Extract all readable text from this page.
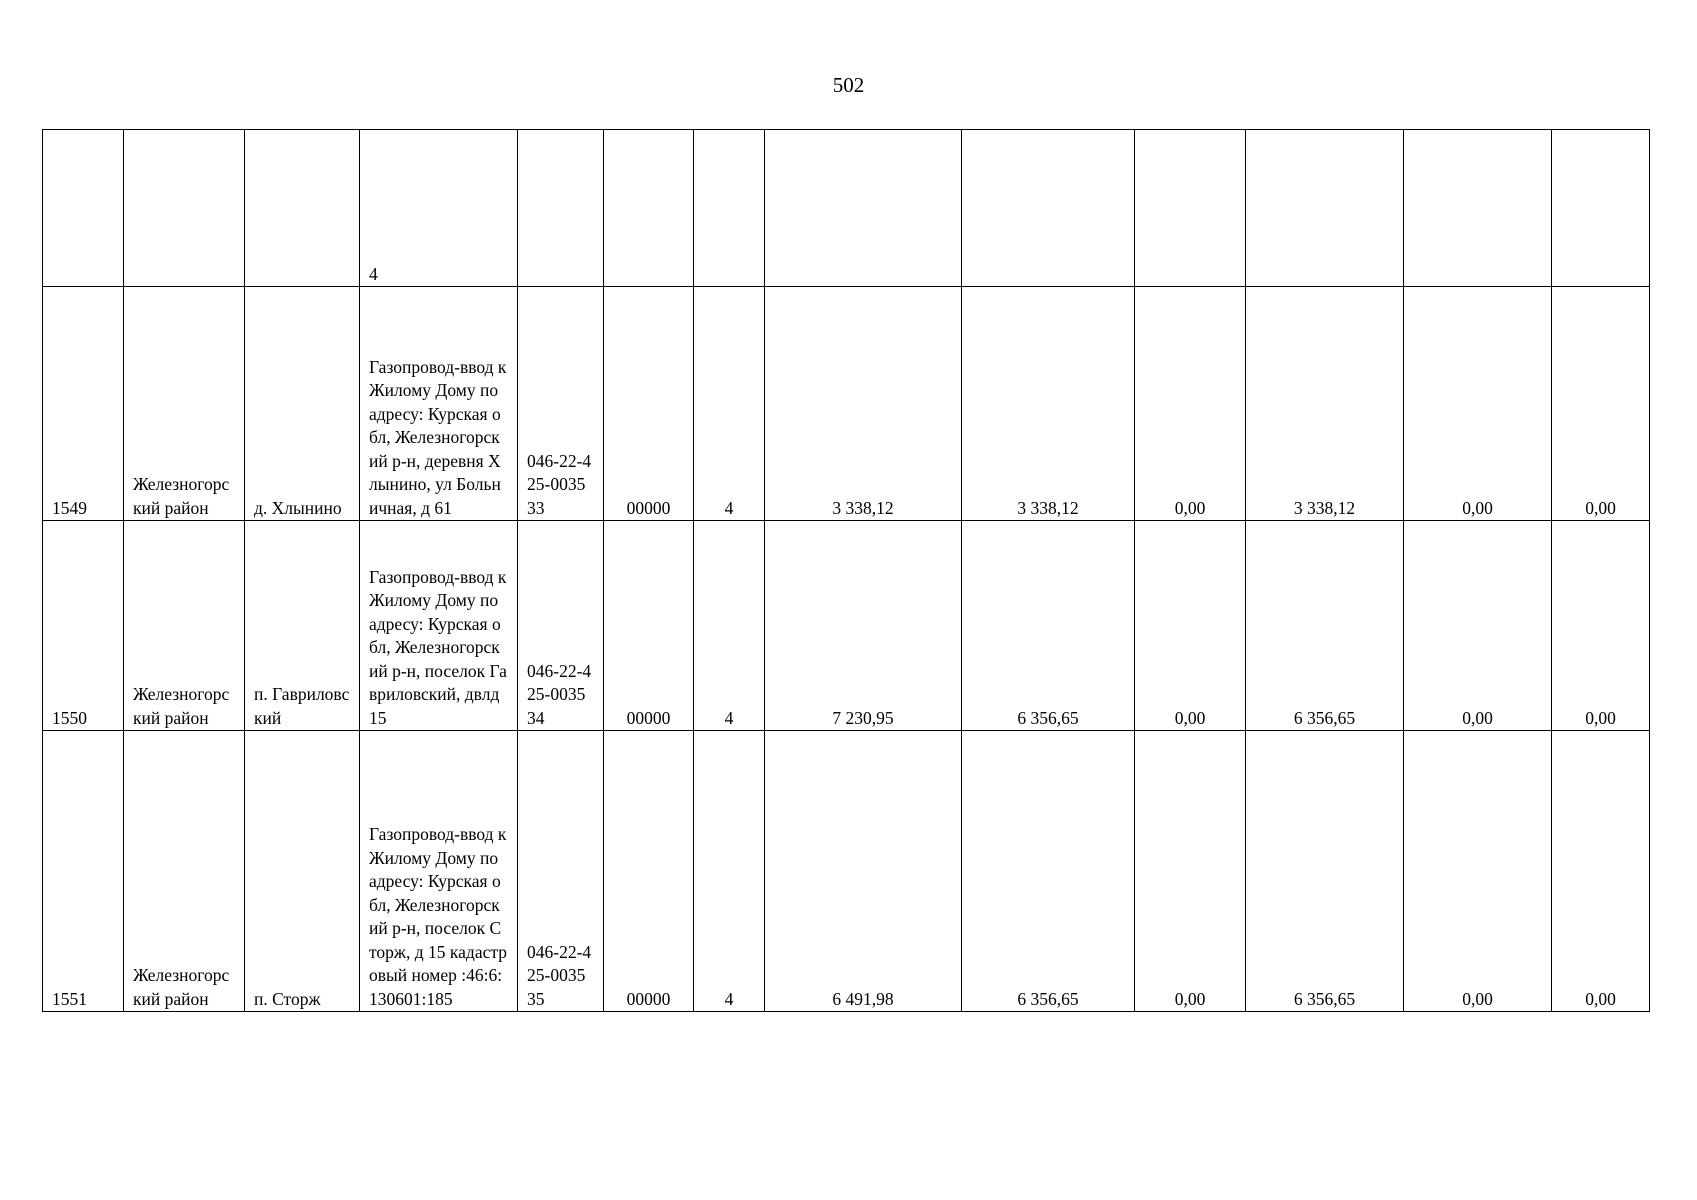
502
			4									
1549	Железногорский район	д. Хлынино	Газопровод-ввод к Жилому Дому по адресу: Курская обл, Железногорский р-н, деревня Хлынино, ул Больничная, д 61	046-22-425-003533	00000	4	3 338,12	3 338,12	0,00	3 338,12	0,00	0,00
1550	Железногорский район	п. Гавриловский	Газопровод-ввод к Жилому Дому по адресу: Курская обл, Железногорский р-н, поселок Гавриловский, двлд 15	046-22-425-003534	00000	4	7 230,95	6 356,65	0,00	6 356,65	0,00	0,00
1551	Железногорский район	п. Сторж	Газопровод-ввод к Жилому Дому по адресу: Курская обл, Железногорский р-н, поселок Сторж, д 15 кадастровый номер :46:6:130601:185	046-22-425-003535	00000	4	6 491,98	6 356,65	0,00	6 356,65	0,00	0,00
